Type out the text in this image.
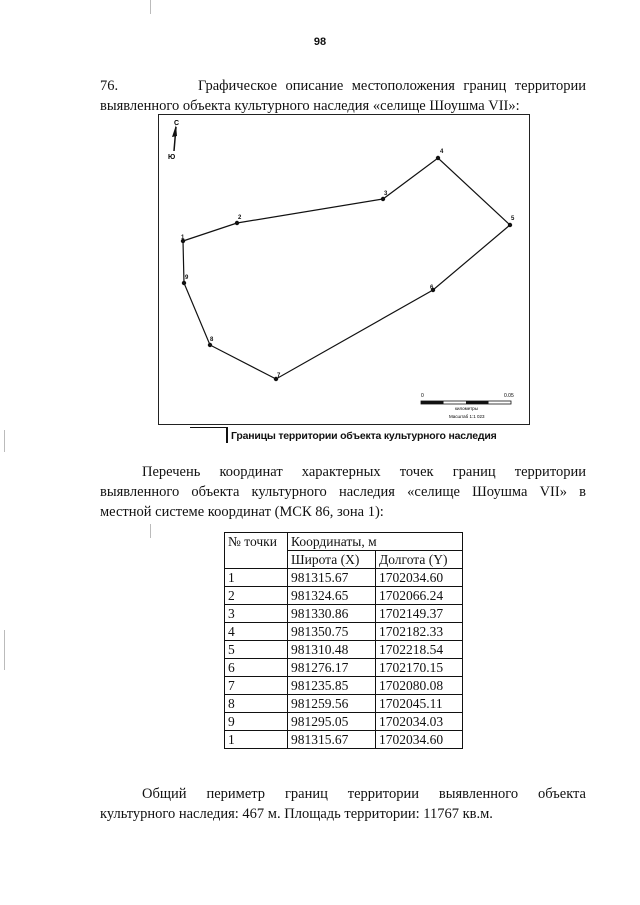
98
76.	Графическое описание местоположения границ территории
выявленного объекта культурного наследия «селище Шоушма VII»:
С
Ю
1
2
3
4
5
6
7
8
9
0	0.05
километры
Масштаб 1:1 023
Границы территории объекта культурного наследия
Перечень координат характерных точек границ территории
выявленного объекта культурного наследия «селище Шоушма VII» в
местной системе координат (МСК 86, зона 1):
№ точки	Координаты, м	
	Широта (X)	Долгота (Y)
1	981315.67	1702034.60
2	981324.65	1702066.24
3	981330.86	1702149.37
4	981350.75	1702182.33
5	981310.48	1702218.54
6	981276.17	1702170.15
7	981235.85	1702080.08
8	981259.56	1702045.11
9	981295.05	1702034.03
1	981315.67	1702034.60
Общий периметр границ территории выявленного объекта
культурного наследия: 467 м. Площадь территории: 11767 кв.м.
